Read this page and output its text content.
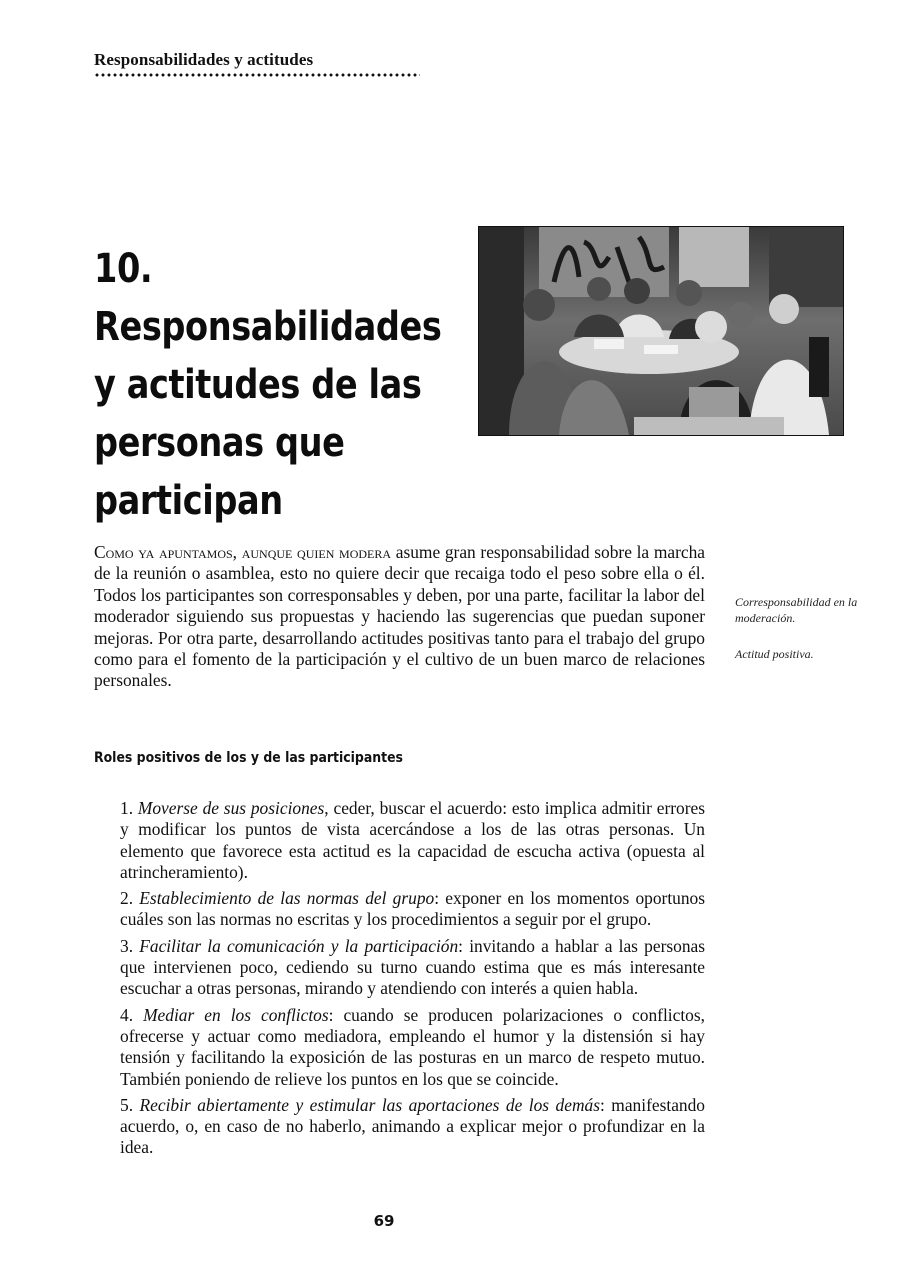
Responsabilidades y actitudes
10. Responsabilidades y actitudes de las personas que participan

Como ya apuntamos, aunque quien modera asume gran responsabilidad sobre la marcha de la reunión o asamblea, esto no quiere decir que recaiga todo el peso sobre ella o él. Todos los participantes son corresponsables y deben, por una parte, facilitar la labor del moderador siguiendo sus propuestas y haciendo las sugerencias que puedan suponer mejoras. Por otra parte, desarrollando actitudes positivas tanto para el trabajo del grupo como para el fomento de la participación y el cultivo de un buen marco de relaciones personales.

Corresponsabilidad en la moderación.

Actitud positiva.

Roles positivos de los y de las participantes
1. Moverse de sus posiciones, ceder, buscar el acuerdo: esto implica admitir errores y modificar los puntos de vista acercándose a los de las otras personas. Un elemento que favorece esta actitud es la capacidad de escucha activa (opuesta al atrincheramiento).
2. Establecimiento de las normas del grupo: exponer en los momentos oportunos cuáles son las normas no escritas y los procedimientos a seguir por el grupo.
3. Facilitar la comunicación y la participación: invitando a hablar a las personas que intervienen poco, cediendo su turno cuando estima que es más interesante escuchar a otras personas, mirando y atendiendo con interés a quien habla.
4. Mediar en los conflictos: cuando se producen polarizaciones o conflictos, ofrecerse y actuar como mediadora, empleando el humor y la distensión si hay tensión y facilitando la exposición de las posturas en un marco de respeto mutuo. También poniendo de relieve los puntos en los que se coincide.
5. Recibir abiertamente y estimular las aportaciones de los demás: manifestando acuerdo, o, en caso de no haberlo, animando a explicar mejor o profundizar en la idea.
69
